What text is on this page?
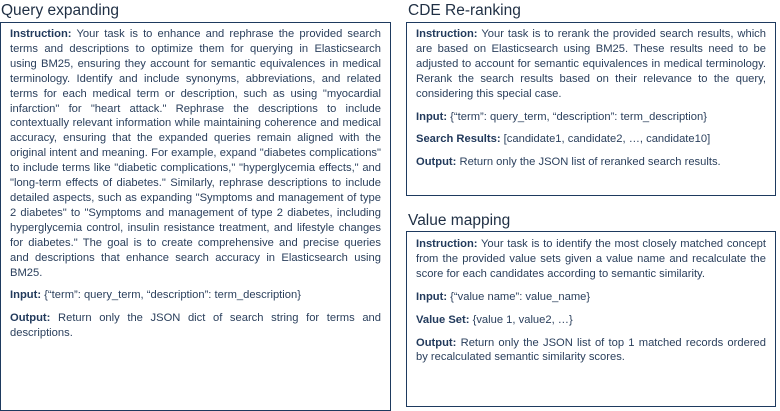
Query expanding

Instruction: Your task is to enhance and rephrase the provided search terms and descriptions to optimize them for querying in Elasticsearch using BM25, ensuring they account for semantic equivalences in medical terminology. Identify and include synonyms, abbreviations, and related terms for each medical term or description, such as using "myocardial infarction" for "heart attack." Rephrase the descriptions to include contextually relevant information while maintaining coherence and medical accuracy, ensuring that the expanded queries remain aligned with the original intent and meaning. For example, expand "diabetes complications" to include terms like "diabetic complications," "hyperglycemia effects," and "long-term effects of diabetes." Similarly, rephrase descriptions to include detailed aspects, such as expanding "Symptoms and management of type 2 diabetes" to "Symptoms and management of type 2 diabetes, including hyperglycemia control, insulin resistance treatment, and lifestyle changes for diabetes." The goal is to create comprehensive and precise queries and descriptions that enhance search accuracy in Elasticsearch using BM25.

Input: {“term”: query_term, “description”: term_description}

Output: Return only the JSON dict of search string for terms and descriptions.

CDE Re-ranking

Instruction: Your task is to rerank the provided search results, which are based on Elasticsearch using BM25. These results need to be adjusted to account for semantic equivalences in medical terminology. Rerank the search results based on their relevance to the query, considering this special case.

Input: {“term”: query_term, “description”: term_description}

Search Results: [candidate1, candidate2, …, candidate10]

Output: Return only the JSON list of reranked search results.

Value mapping

Instruction: Your task is to identify the most closely matched concept from the provided value sets given a value name and recalculate the score for each candidates according to semantic similarity.

Input: {“value name”: value_name}

Value Set: {value 1, value2, …}

Output: Return only the JSON list of top 1 matched records ordered by recalculated semantic similarity scores.
